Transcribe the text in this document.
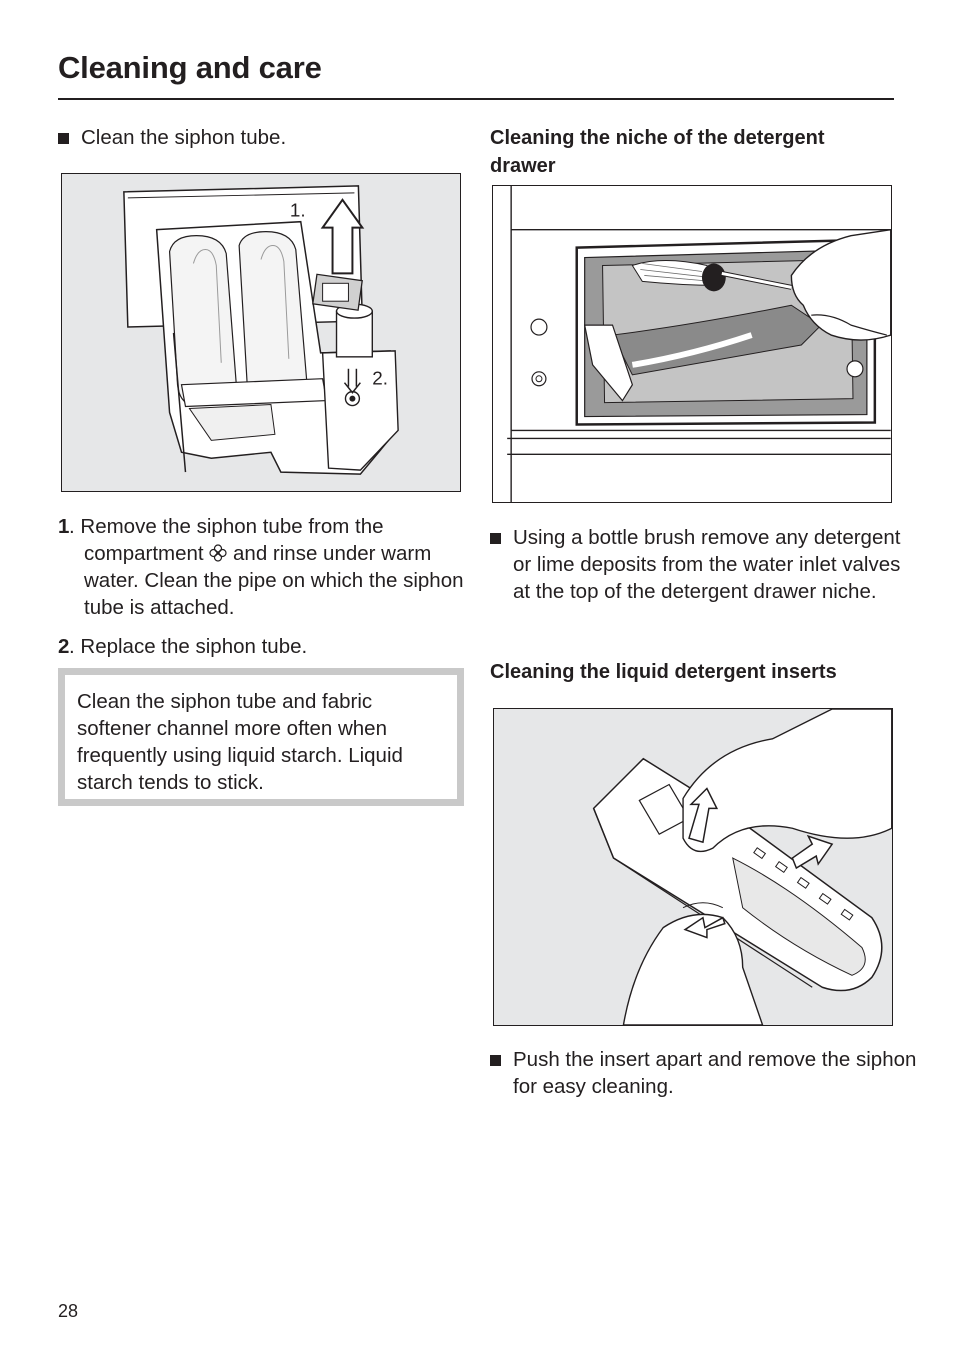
Cleaning and care

Clean the siphon tube.

1.
2.

1 . Remove the siphon tube from the compartment  and rinse under warm water. Clean the pipe on which the siphon tube is attached.

2 . Replace the siphon tube.

Clean the siphon tube and fabric softener channel more often when frequently using liquid starch. Liquid starch tends to stick.
Cleaning the niche of the detergent drawer

Using a bottle brush remove any detergent or lime deposits from the water inlet valves at the top of the detergent drawer niche.

Cleaning the liquid detergent inserts

Push the insert apart and remove the siphon for easy cleaning.

28
